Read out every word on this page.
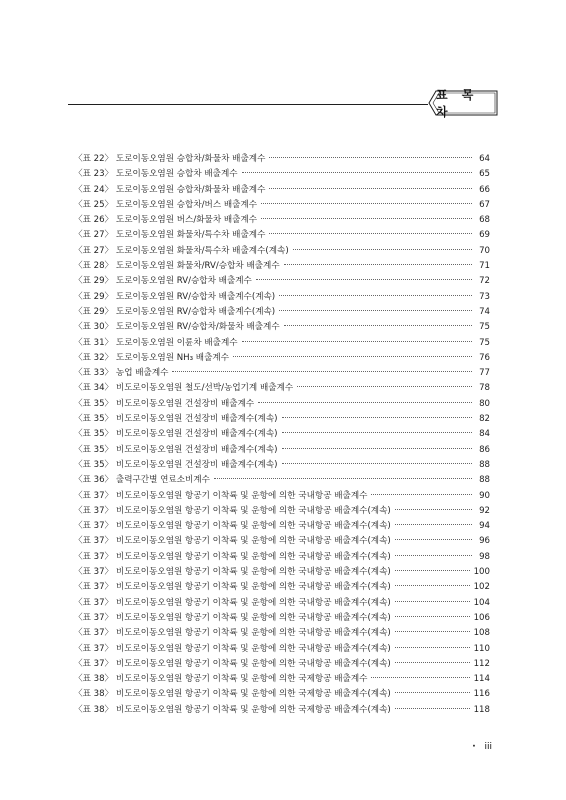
표 목 차
〈표 22〉 도로이동오염원 승합차/화물차 배출계수	64
〈표 23〉 도로이동오염원 승합차 배출계수	65
〈표 24〉 도로이동오염원 승합차/화물차 배출계수	66
〈표 25〉 도로이동오염원 승합차/버스 배출계수	67
〈표 26〉 도로이동오염원 버스/화물차 배출계수	68
〈표 27〉 도로이동오염원 화물차/특수차 배출계수	69
〈표 27〉 도로이동오염원 화물차/특수차 배출계수(계속)	70
〈표 28〉 도로이동오염원 화물차/RV/승합차 배출계수	71
〈표 29〉 도로이동오염원 RV/승합차 배출계수	72
〈표 29〉 도로이동오염원 RV/승합차 배출계수(계속)	73
〈표 29〉 도로이동오염원 RV/승합차 배출계수(계속)	74
〈표 30〉 도로이동오염원 RV/승합차/화물차 배출계수	75
〈표 31〉 도로이동오염원 이륜차 배출계수	75
〈표 32〉 도로이동오염원 NH₃ 배출계수	76
〈표 33〉 농업 배출계수	77
〈표 34〉 비도로이동오염원 철도/선박/농업기계 배출계수	78
〈표 35〉 비도로이동오염원 건설장비 배출계수	80
〈표 35〉 비도로이동오염원 건설장비 배출계수(계속)	82
〈표 35〉 비도로이동오염원 건설장비 배출계수(계속)	84
〈표 35〉 비도로이동오염원 건설장비 배출계수(계속)	86
〈표 35〉 비도로이동오염원 건설장비 배출계수(계속)	88
〈표 36〉 출력구간별 연료소비계수	88
〈표 37〉 비도로이동오염원 항공기 이착륙 및 운항에 의한 국내항공 배출계수	90
〈표 37〉 비도로이동오염원 항공기 이착륙 및 운항에 의한 국내항공 배출계수(계속)	92
〈표 37〉 비도로이동오염원 항공기 이착륙 및 운항에 의한 국내항공 배출계수(계속)	94
〈표 37〉 비도로이동오염원 항공기 이착륙 및 운항에 의한 국내항공 배출계수(계속)	96
〈표 37〉 비도로이동오염원 항공기 이착륙 및 운항에 의한 국내항공 배출계수(계속)	98
〈표 37〉 비도로이동오염원 항공기 이착륙 및 운항에 의한 국내항공 배출계수(계속)	100
〈표 37〉 비도로이동오염원 항공기 이착륙 및 운항에 의한 국내항공 배출계수(계속)	102
〈표 37〉 비도로이동오염원 항공기 이착륙 및 운항에 의한 국내항공 배출계수(계속)	104
〈표 37〉 비도로이동오염원 항공기 이착륙 및 운항에 의한 국내항공 배출계수(계속)	106
〈표 37〉 비도로이동오염원 항공기 이착륙 및 운항에 의한 국내항공 배출계수(계속)	108
〈표 37〉 비도로이동오염원 항공기 이착륙 및 운항에 의한 국내항공 배출계수(계속)	110
〈표 37〉 비도로이동오염원 항공기 이착륙 및 운항에 의한 국내항공 배출계수(계속)	112
〈표 38〉 비도로이동오염원 항공기 이착륙 및 운항에 의한 국제항공 배출계수	114
〈표 38〉 비도로이동오염원 항공기 이착륙 및 운항에 의한 국제항공 배출계수(계속)	116
〈표 38〉 비도로이동오염원 항공기 이착륙 및 운항에 의한 국제항공 배출계수(계속)	118
· iii
